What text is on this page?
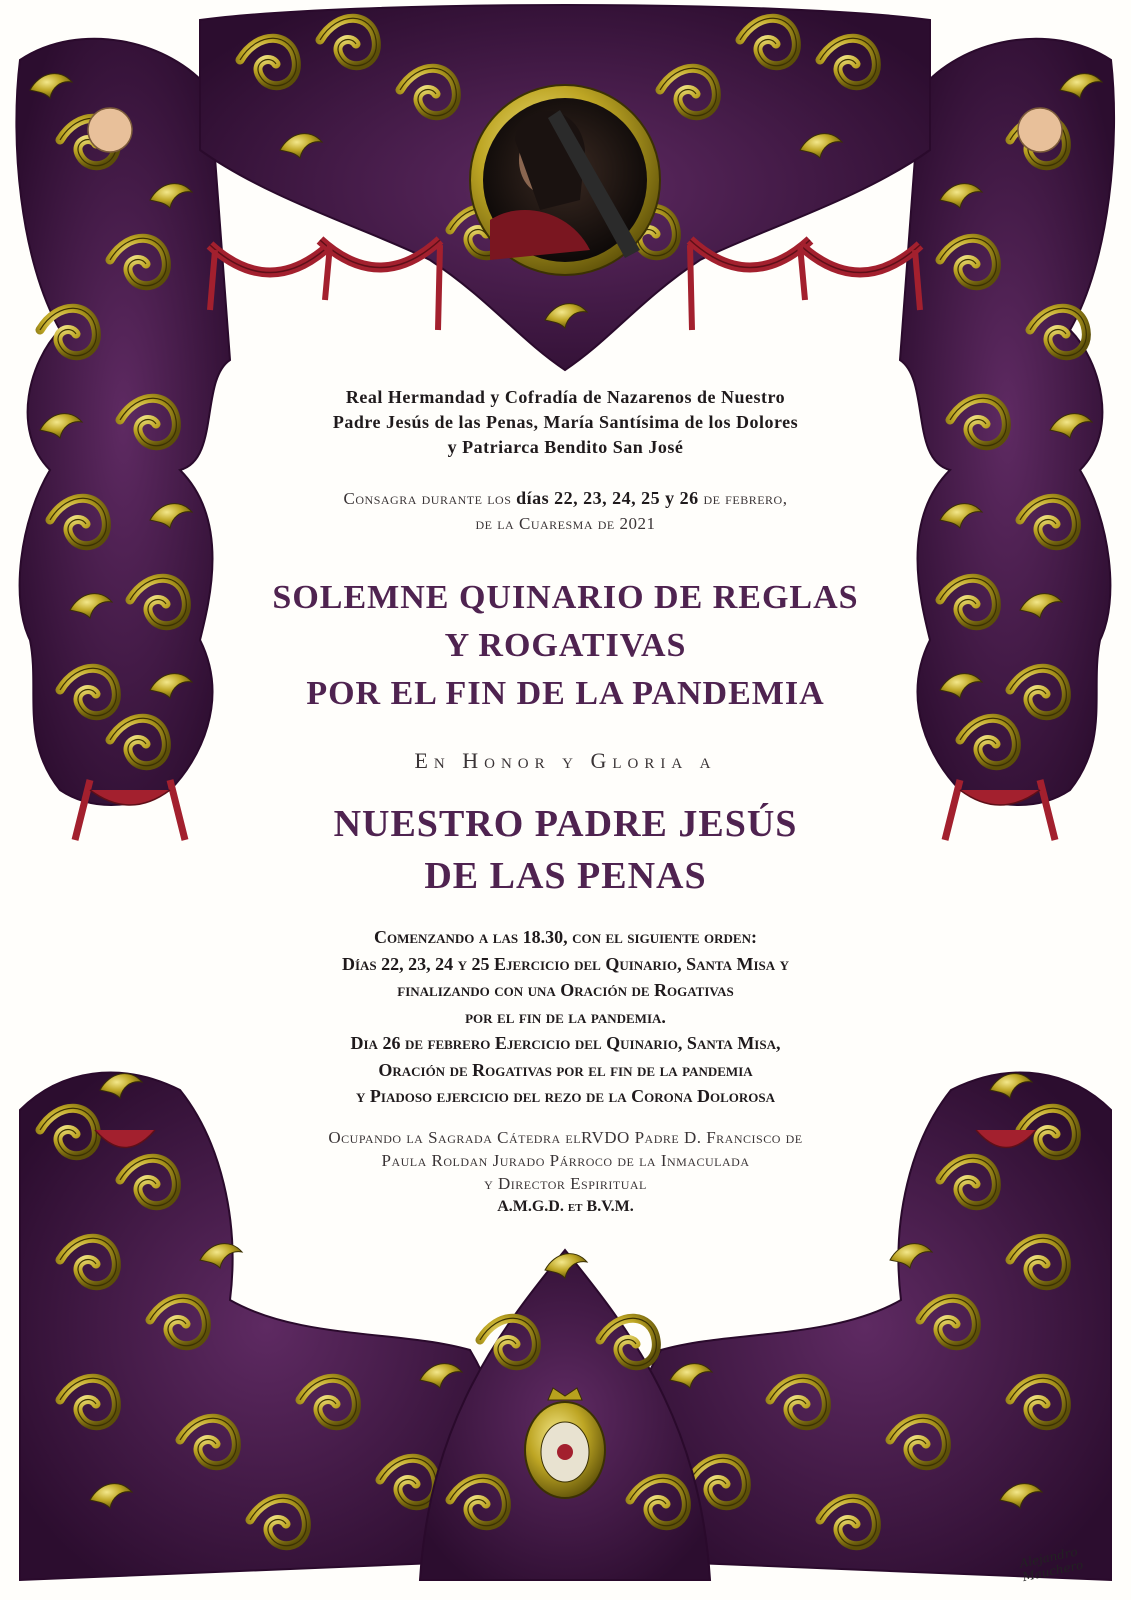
Real Hermandad y Cofradía de Nazarenos de Nuestro
Padre Jesús de las Penas, María Santísima de los Dolores
y Patriarca Bendito San José
Consagra durante los días 22, 23, 24, 25 y 26 de febrero,
de la Cuaresma de 2021
SOLEMNE QUINARIO DE REGLAS
Y ROGATIVAS
POR EL FIN DE LA PANDEMIA
En Honor y Gloria a
NUESTRO PADRE JESÚS
DE LAS PENAS
Comenzando a las 18.30, con el siguiente orden:
Días 22, 23, 24 y 25 Ejercicio del Quinario, Santa Misa y
finalizando con una Oración de Rogativas
por el fin de la pandemia.
Dia 26 de febrero Ejercicio del Quinario, Santa Misa,
Oración de Rogativas por el fin de la pandemia
y Piadoso ejercicio del rezo de la Corona Dolorosa
Ocupando la Sagrada Cátedra elRVDO Padre D. Francisco de
Paula Roldan Jurado Párroco de la Inmaculada
y Director Espiritual
A.M.G.D. et B.V.M.
Alejandro Mauchero
